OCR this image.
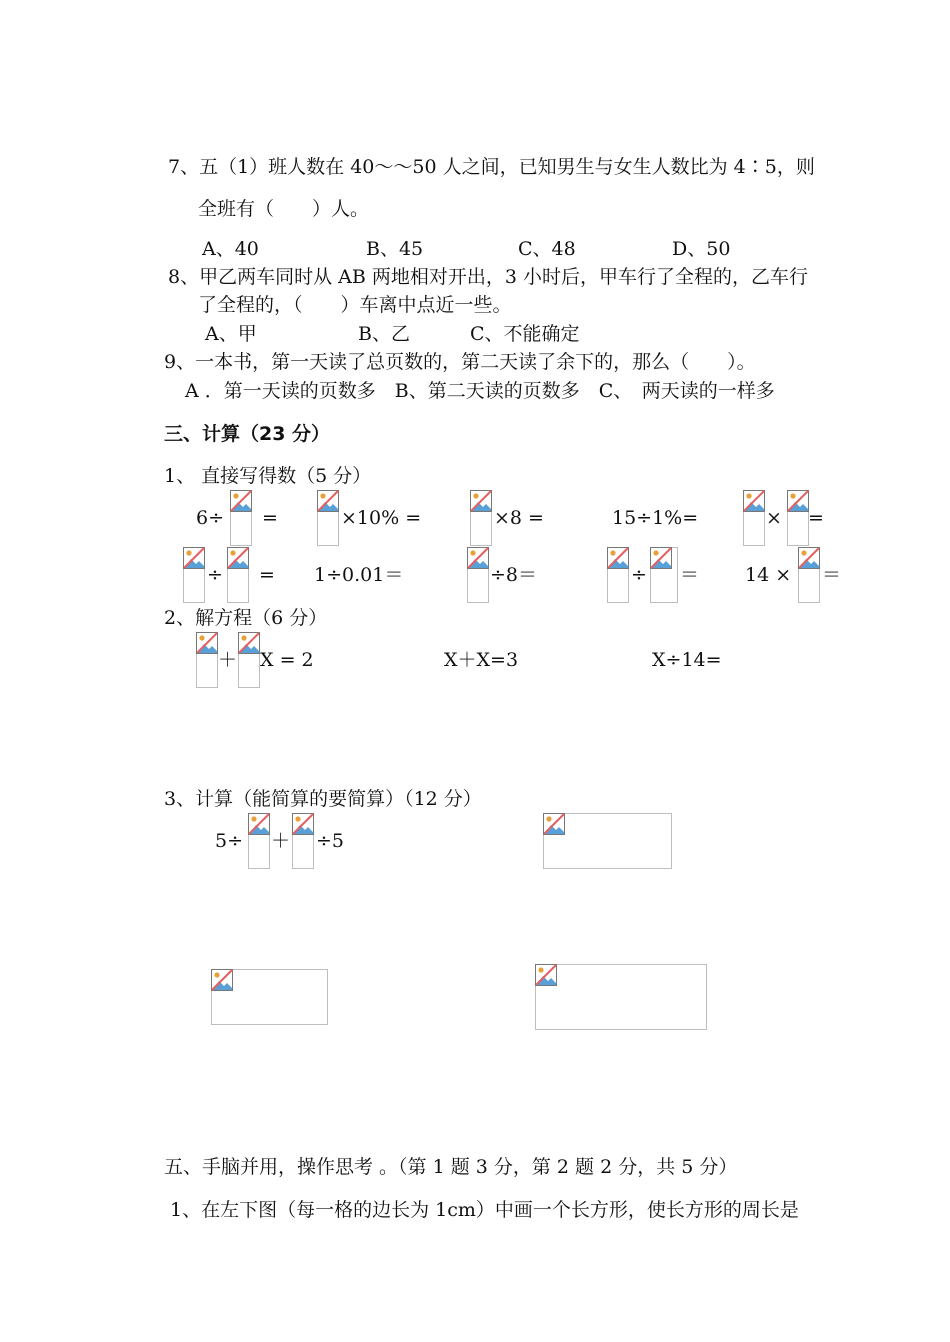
7、五（1）班人数在 40～～50 人之间，已知男生与女生人数比为 4∶5，则
全班有（　　）人。
A、40	B、45	C、48	D、50
8、甲乙两车同时从 AB 两地相对开出，3 小时后，甲车行了全程的，乙车行
了全程的，（　　）车离中点近一些。
A、甲	B、乙	C、不能确定
9、一本书，第一天读了总页数的，第二天读了余下的，那么（　　）。
A ．第一天读的页数多　B、第二天读的页数多　C、　两天读的一样多
三、计算（23 分）
1、 直接写得数（5 分）
6÷ =	×10% =	×8 =	15÷1%=	× =
÷ = 1÷0.01＝	÷8＝	÷ ＝ 14 × ＝
2、解方程（6 分）
＋ X = 2	X＋X=3	X÷14=
3、计算（能简算的要简算）（12 分）
5÷ ＋ ÷5
五、手脑并用，操作思考 。（第 1 题 3 分，第 2 题 2 分，共 5 分）
1、在左下图（每一格的边长为 1cm）中画一个长方形，使长方形的周长是
